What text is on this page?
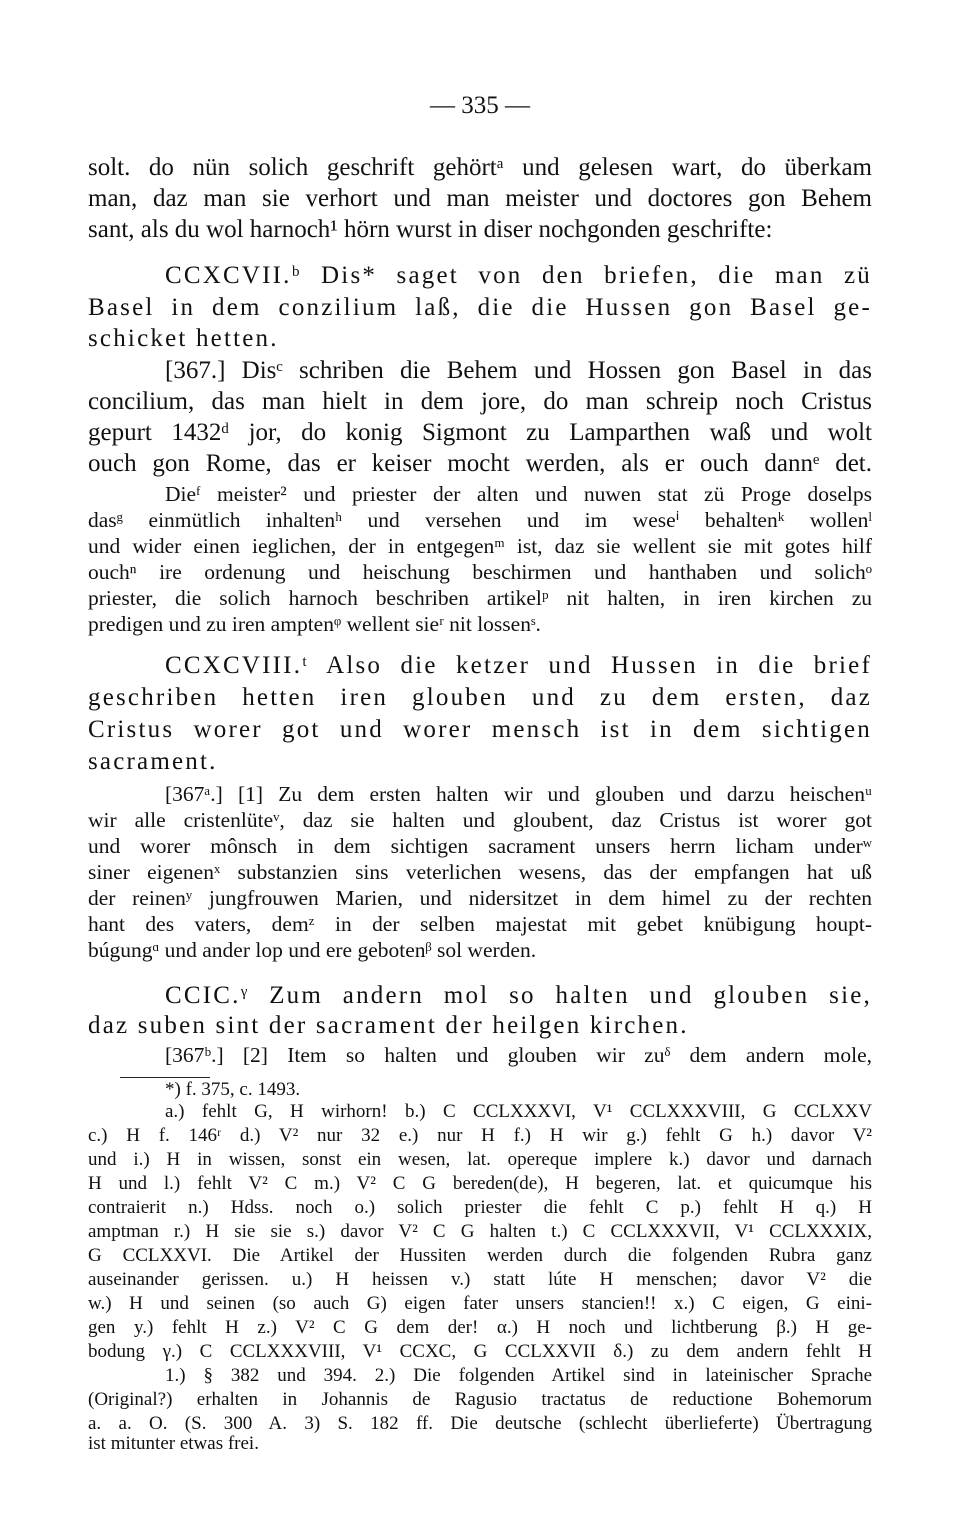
— 335 —
solt. do nün solich geschrift gehörtᵃ und gelesen wart, do überkam
man, daz man sie verhort und man meister und doctores gon Behem
sant, als du wol harnoch¹ hörn wurst in diser nochgonden geschrifte:
CCXCVII.ᵇ Dis* saget von den briefen, die man zü
Basel in dem conzilium laß, die die Hussen gon Basel ge-
schicket hetten.
[367.] Disᶜ schriben die Behem und Hossen gon Basel in das
concilium, das man hielt in dem jore, do man schreip noch Cristus
gepurt 1432ᵈ jor, do konig Sigmont zu Lamparthen waß und wolt
ouch gon Rome, das er keiser mocht werden, als er ouch dannᵉ det.
Dieᶠ meister² und priester der alten und nuwen stat zü Proge doselps
dasᵍ einmütlich inhaltenʰ und versehen und im weseⁱ behaltenᵏ wollenˡ
und wider einen ieglichen, der in entgegenᵐ ist, daz sie wellent sie mit gotes hilf
ouchⁿ ire ordenung und heischung beschirmen und hanthaben und solichᵒ
priester, die solich harnoch beschriben artikelᵖ nit halten, in iren kirchen zu
predigen und zu iren amptenᵠ wellent sieʳ nit lossenˢ.
CCXCVIII.ᵗ Also die ketzer und Hussen in die brief
geschriben hetten iren glouben und zu dem ersten, daz
Cristus worer got und worer mensch ist in dem sichtigen
sacrament.
[367ᵃ.] [1] Zu dem ersten halten wir und glouben und darzu heischenᵘ
wir alle cristenlüteᵛ, daz sie halten und gloubent, daz Cristus ist worer got
und worer mônsch in dem sichtigen sacrament unsers herrn licham underʷ
siner eigenenˣ substanzien sins veterlichen wesens, das der empfangen hat uß
der reinenʸ jungfrouwen Marien, und nidersitzet in dem himel zu der rechten
hant des vaters, demᶻ in der selben majestat mit gebet knübigung houpt-
búgungᵅ und ander lop und ere gebotenᵝ sol werden.
CCIC.ᵞ Zum andern mol so halten und glouben sie,
daz suben sint der sacrament der heilgen kirchen.
[367ᵇ.] [2] Item so halten und glouben wir zuᵟ dem andern mole,
*) f. 375, c. 1493.
a.) fehlt G, H wirhorn! b.) C CCLXXXVI, V¹ CCLXXXVIII, G CCLXXV
c.) H f. 146ʳ d.) V² nur 32 e.) nur H f.) H wir g.) fehlt G h.) davor V²
und i.) H in wissen, sonst ein wesen, lat. opereque implere k.) davor und darnach
H und l.) fehlt V² C m.) V² C G bereden(de), H begeren, lat. et quicumque his
contraierit n.) Hdss. noch o.) solich priester die fehlt C p.) fehlt H q.) H
amptman r.) H sie sie s.) davor V² C G halten t.) C CCLXXXVII, V¹ CCLXXXIX,
G CCLXXVI. Die Artikel der Hussiten werden durch die folgenden Rubra ganz
auseinander gerissen. u.) H heissen v.) statt lúte H menschen; davor V² die
w.) H und seinen (so auch G) eigen fater unsers stancien!! x.) C eigen, G eini-
gen y.) fehlt H z.) V² C G dem der! α.) H noch und lichtberung β.) H ge-
bodung γ.) C CCLXXXVIII, V¹ CCXC, G CCLXXVII δ.) zu dem andern fehlt H
1.) § 382 und 394. 2.) Die folgenden Artikel sind in lateinischer Sprache
(Original?) erhalten in Johannis de Ragusio tractatus de reductione Bohemorum
a. a. O. (S. 300 A. 3) S. 182 ff. Die deutsche (schlecht überlieferte) Übertragung
ist mitunter etwas frei.
